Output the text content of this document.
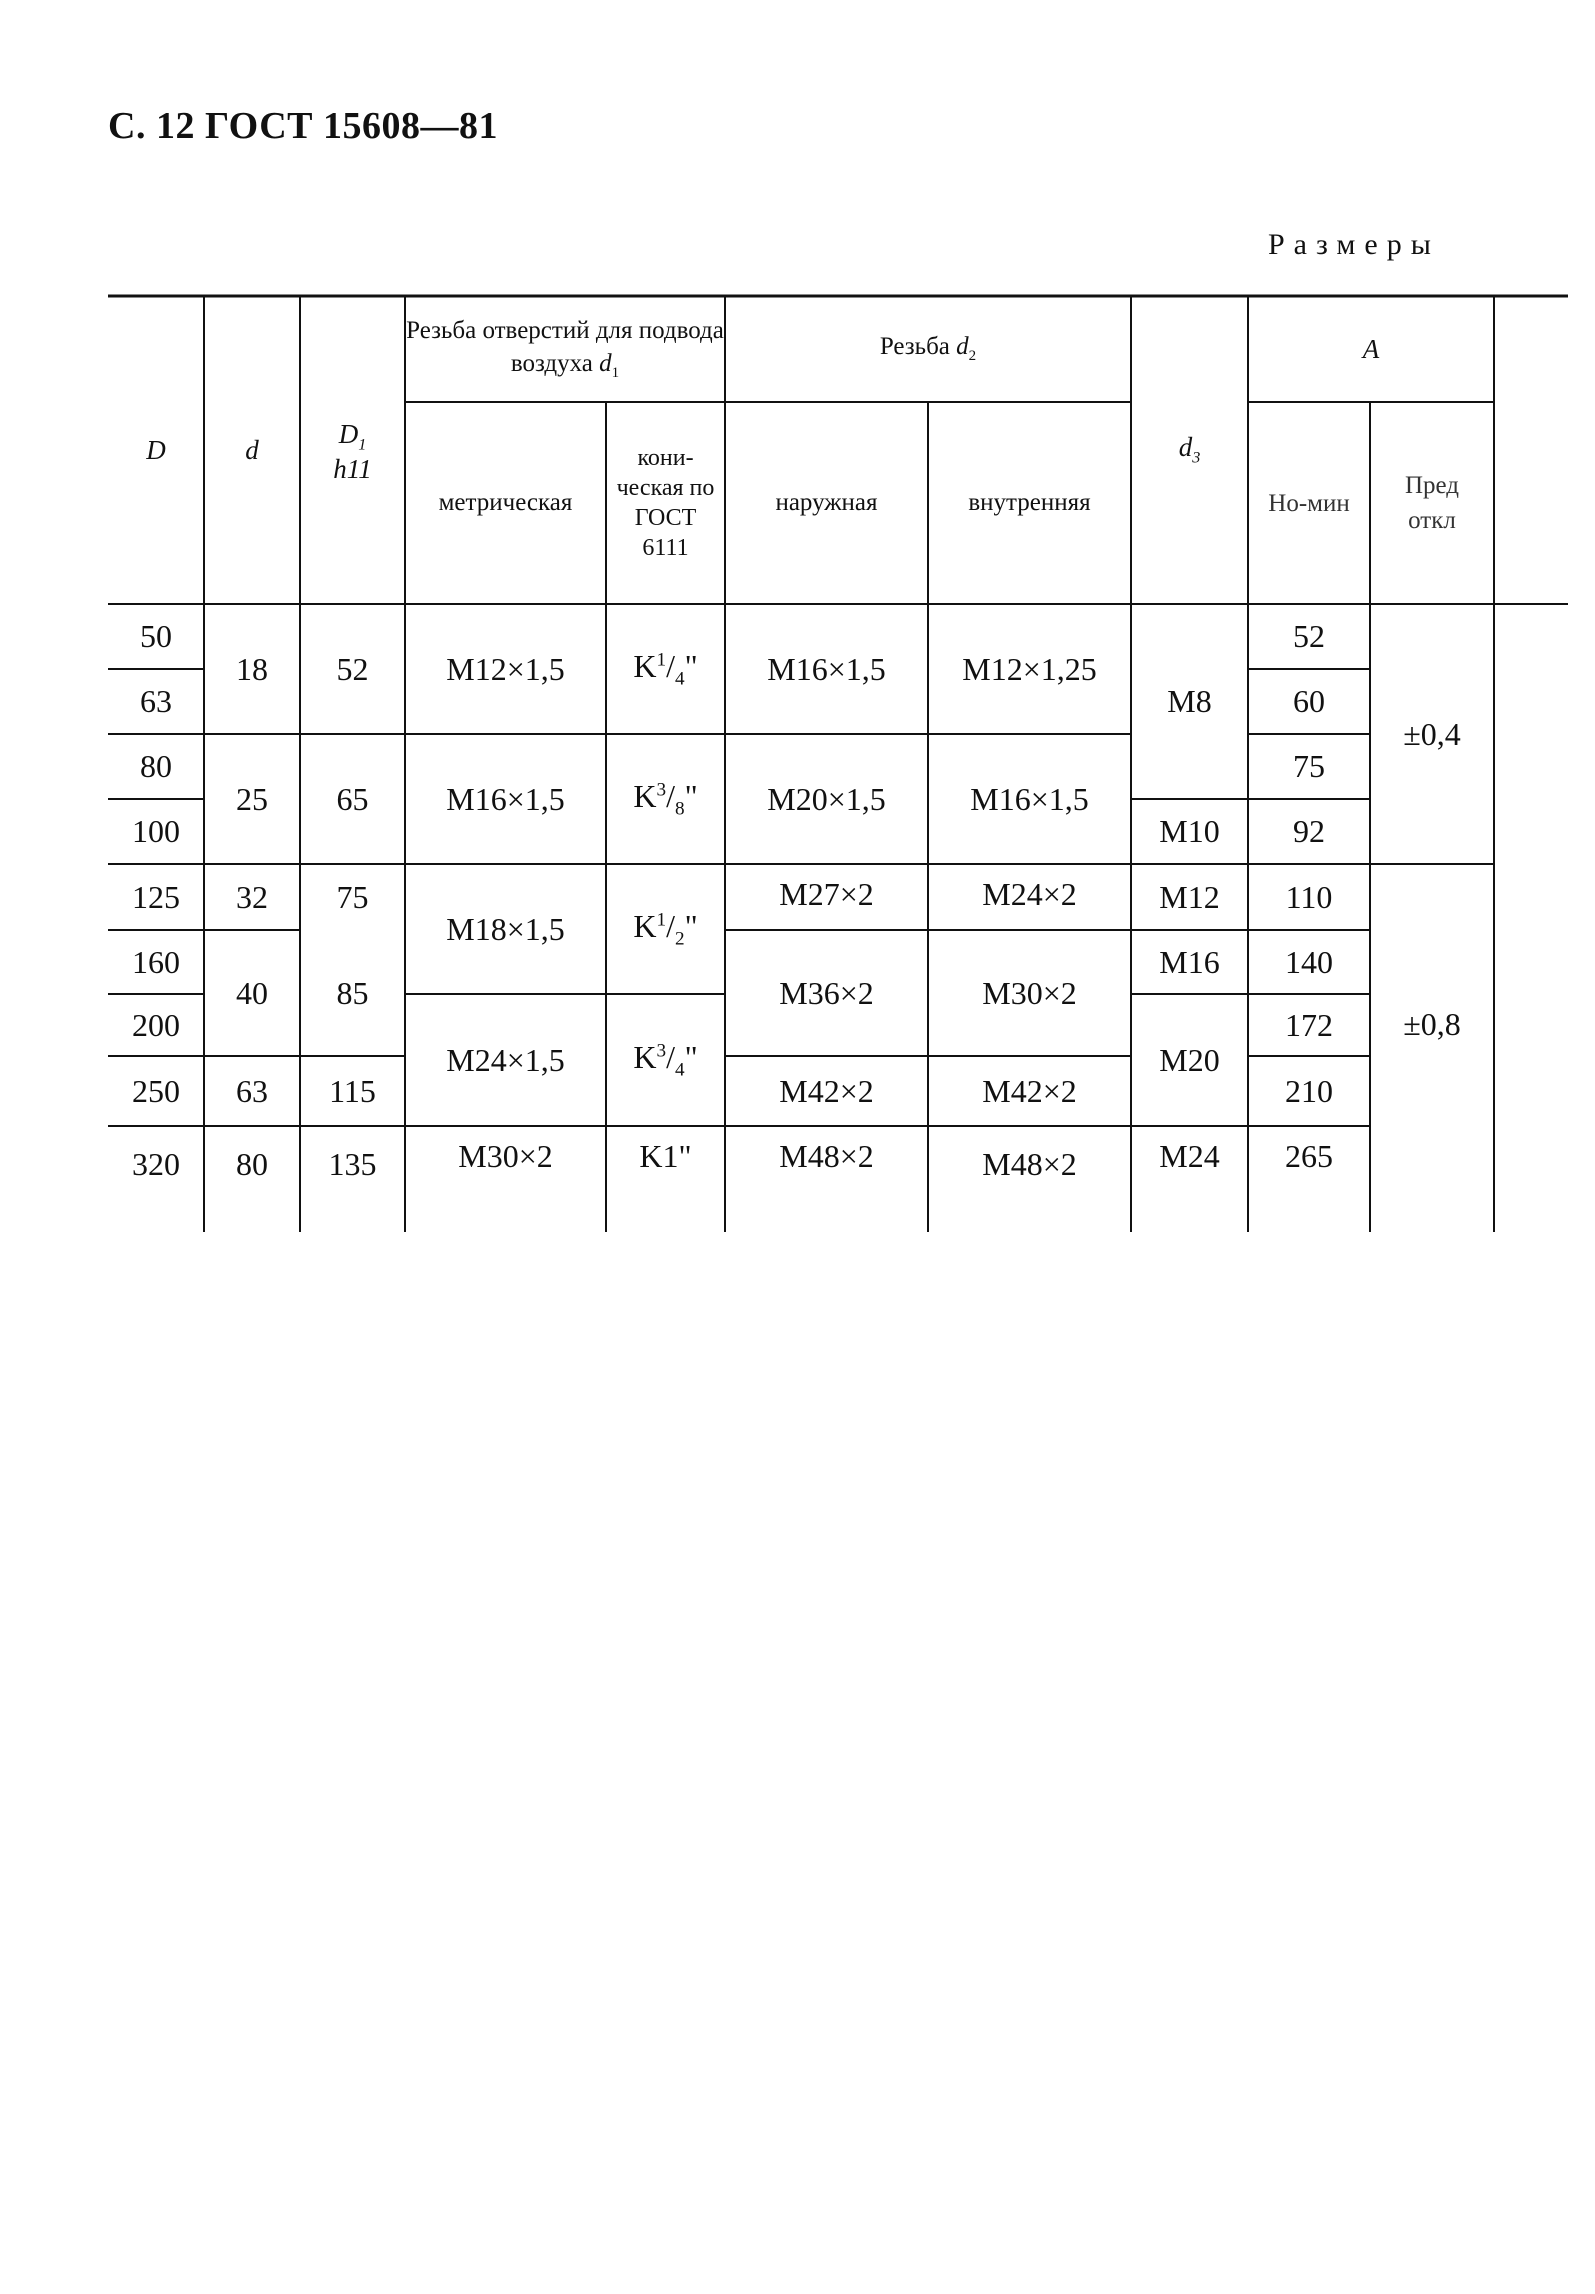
С. 12 ГОСТ 15608—81
Размеры
D	d
$D_1$
h11
Резьба отверстий для подвода воздуха $d_1$
метрическая
кони-ческая по ГОСТ 6111
Резьба $d_2$
наружная	внутренняя
$d_3$
A
Но-мин
Пред откл
50
63
80
100
125
160
200
250
320
18
25
32
40
63
80
52
65
75
85
115
135
M12×1,5
M16×1,5
M18×1,5
M24×1,5
M30×2
$K^1/_4$"
$K^3/_8$"
$K^1/_2$"
$K^3/_4$"
K1"
M16×1,5
M20×1,5
M27×2
M36×2
M42×2
M48×2
M12×1,25
M16×1,5
M24×2
M30×2
M42×2
M48×2
M8
M10
M12
M16
M20
M24
52
60
75
92
110
140
172
210
265
±0,4
±0,8
